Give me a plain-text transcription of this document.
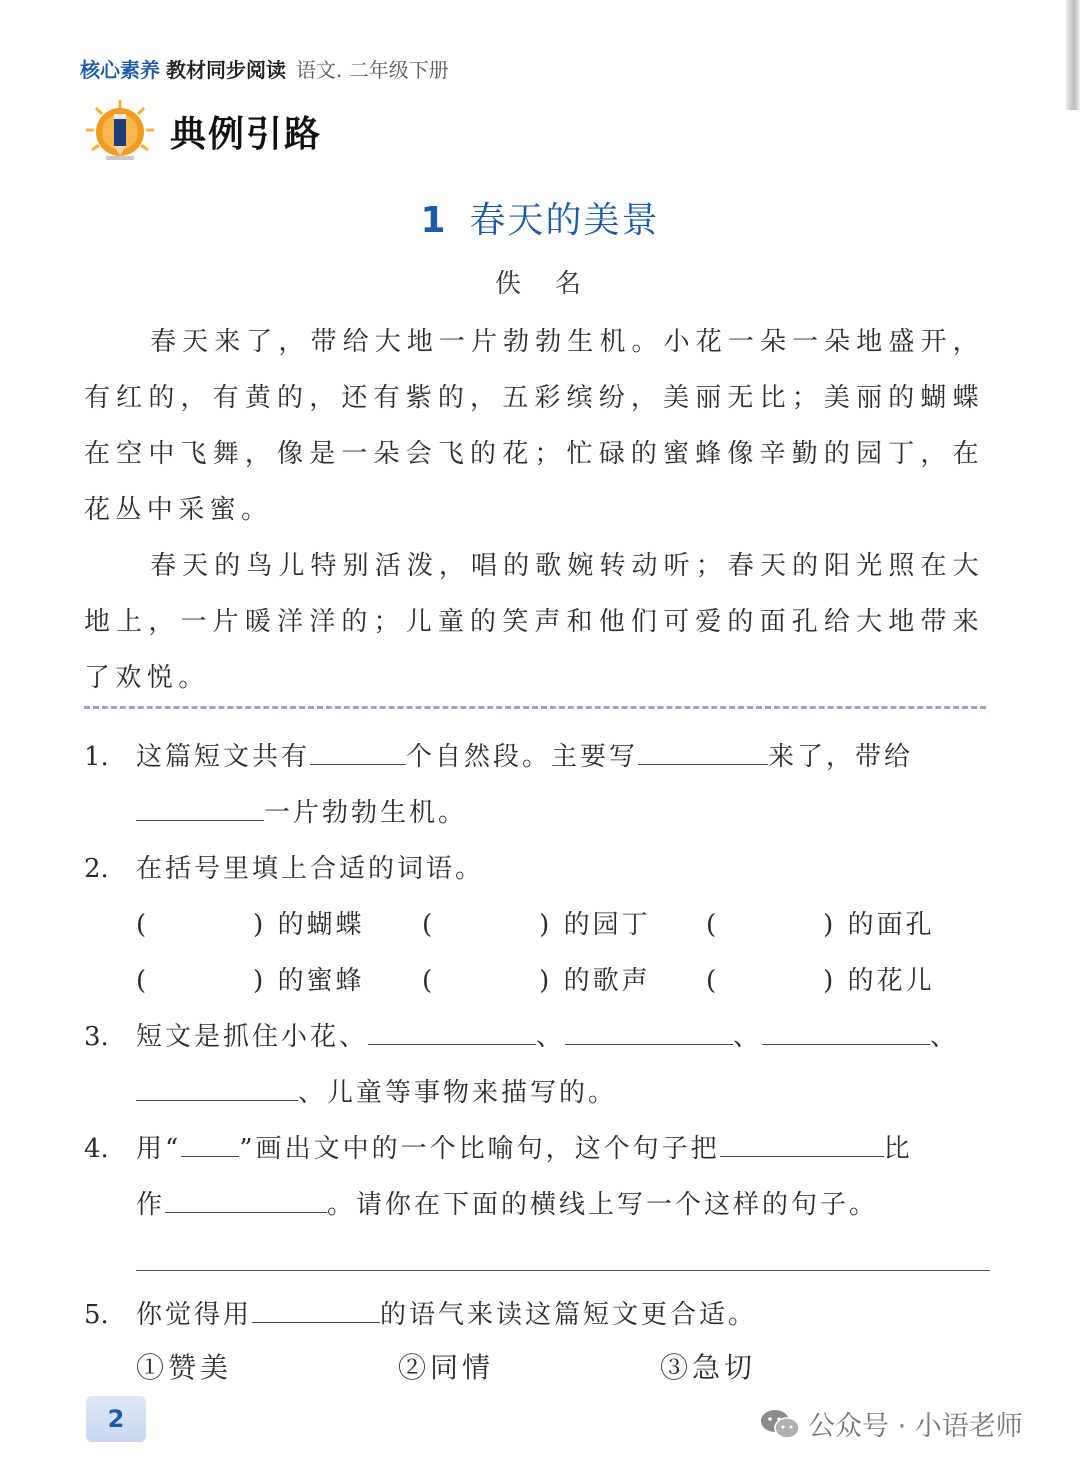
核心素养 教材同步阅读 语文. 二年级下册
典例引路
1 春天的美景
佚名

春天来了，带给大地一片勃勃生机。小花一朵一朵地盛开，有红的，有黄的，还有紫的，五彩缤纷，美丽无比；美丽的蝴蝶在空中飞舞，像是一朵会飞的花；忙碌的蜜蜂像辛勤的园丁，在花丛中采蜜。

春天的鸟儿特别活泼，唱的歌婉转动听；春天的阳光照在大地上，一片暖洋洋的；儿童的笑声和他们可爱的面孔给大地带来了欢悦。

1. 这篇短文共有	个自然段。主要写	来了，带给
一片勃勃生机。
2. 在括号里填上合适的词语。
(	) 的蝴蝶 (	) 的园丁 (	) 的面孔
(	) 的蜜蜂 (	) 的歌声 (	) 的花儿
3. 短文是抓住小花、	、	、	、
、儿童等事物来描写的。
4. 用“ ”画出文中的一个比喻句，这个句子把	比
作	。请你在下面的横线上写一个这样的句子。
5. 你觉得用	的语气来读这篇短文更合适。
①赞美	②同情	③急切
2	公众号 · 小语老师
